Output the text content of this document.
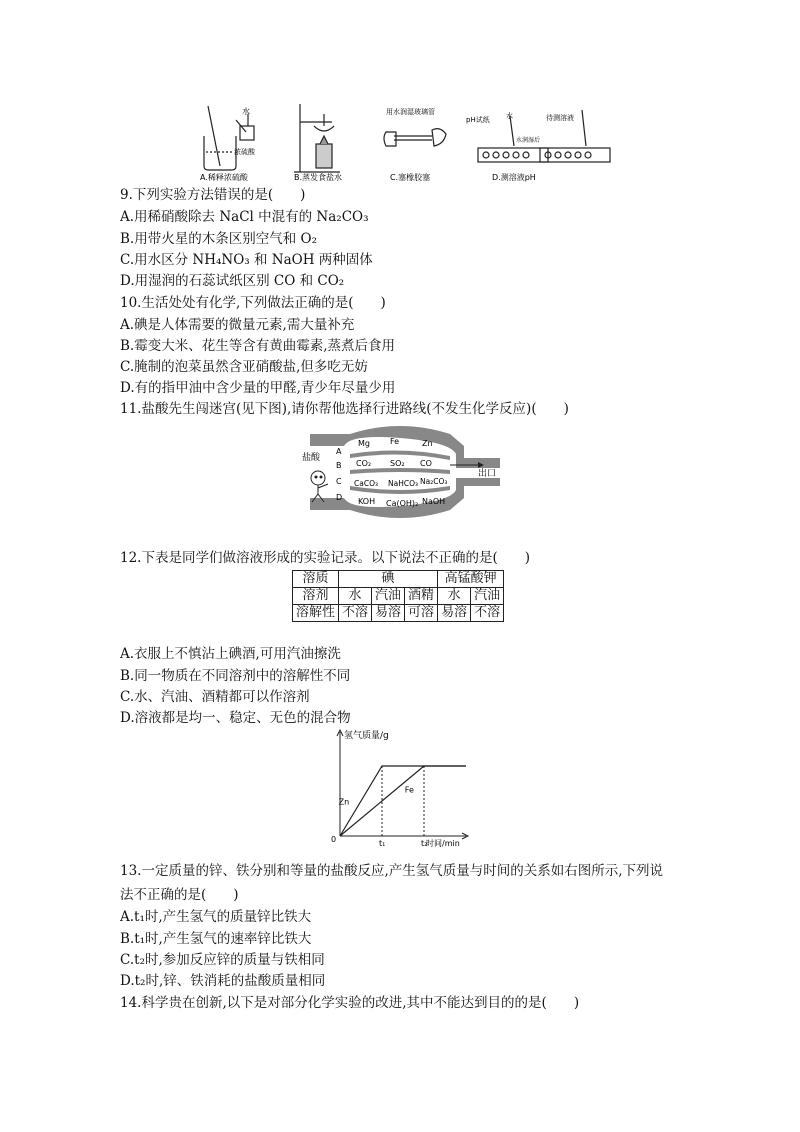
水
浓硫酸
A.稀释浓硫酸	B.蒸发食盐水
用水润湿玻璃管
C.塞橡胶塞
pH试纸 水
水润湿后
待测溶液
D.测溶液pH
9.下列实验方法错误的是(　　)
A.用稀硝酸除去 NaCl 中混有的 Na₂CO₃
B.用带火星的木条区别空气和 O₂
C.用水区分 NH₄NO₃ 和 NaOH 两种固体
D.用湿润的石蕊试纸区别 CO 和 CO₂
10.生活处处有化学,下列做法正确的是(　　)
A.碘是人体需要的微量元素,需大量补充
B.霉变大米、花生等含有黄曲霉素,蒸煮后食用
C.腌制的泡菜虽然含亚硝酸盐,但多吃无妨
D.有的指甲油中含少量的甲醛,青少年尽量少用
11.盐酸先生闯迷宫(见下图),请你帮他选择行进路线(不发生化学反应)(　　)
盐酸
出口
A
B
C
D
Mg	Fe	Zn
CO₂ SO₂ CO
CaCO₃ NaHCO₃ Na₂CO₃
KOH Ca(OH)₂ NaOH
12.下表是同学们做溶液形成的实验记录。以下说法不正确的是(　　)
溶质	碘			高锰酸钾	
溶剂	水	汽油	酒精	水	汽油
溶解性	不溶	易溶	可溶	易溶	不溶
A.衣服上不慎沾上碘酒,可用汽油擦洗
B.同一物质在不同溶剂中的溶解性不同
C.水、汽油、酒精都可以作溶剂
D.溶液都是均一、稳定、无色的混合物
氢气质量/g
时间/min
0
Zn
Fe
t₁	t₂
13.一定质量的锌、铁分别和等量的盐酸反应,产生氢气质量与时间的关系如右图所示,下列说
法不正确的是(　　)
A.t₁时,产生氢气的质量锌比铁大
B.t₁时,产生氢气的速率锌比铁大
C.t₂时,参加反应锌的质量与铁相同
D.t₂时,锌、铁消耗的盐酸质量相同
14.科学贵在创新,以下是对部分化学实验的改进,其中不能达到目的的是(　　)
